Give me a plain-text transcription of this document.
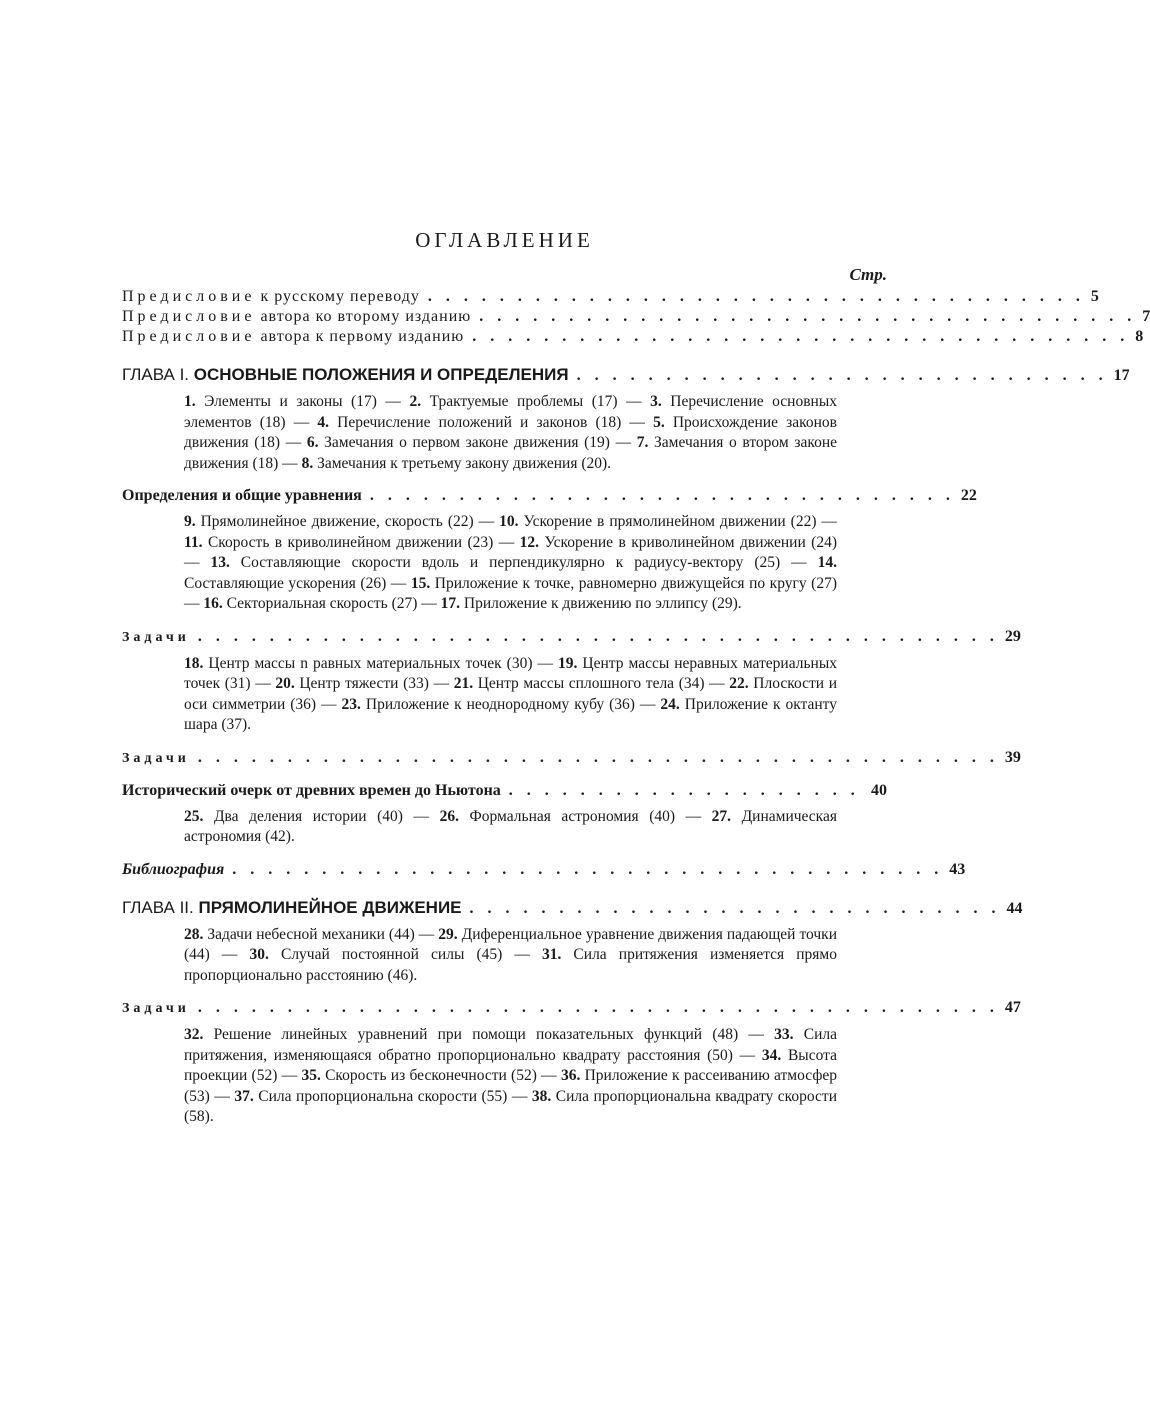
ОГЛАВЛЕНИЕ
Стр.
Предисловие к русскому переводу . . . . . . . . . . . . . . . . . . . . . . . . . . . . . . . . . . . . . 5
Предисловие автора ко второму изданию . . . . . . . . . . . . . . . . . . . . . . . . . . . . . . . . . . . . . 7
Предисловие автора к первому изданию . . . . . . . . . . . . . . . . . . . . . . . . . . . . . . . . . . . . . 8
ГЛАВА I. ОСНОВНЫЕ ПОЛОЖЕНИЯ И ОПРЕДЕЛЕНИЯ . . . . . . . . . . . . . . . . . . . . . . . . . . . . . . 17
1. Элементы и законы (17) — 2. Трактуемые проблемы (17) — 3. Перечисление основных элементов (18) — 4. Перечисление положений и законов (18) — 5. Происхождение законов движения (18) — 6. Замечания о первом законе движения (19) — 7. Замечания о втором законе движения (18) — 8. Замечания к третьему закону движения (20).
Определения и общие уравнения . . . . . . . . . . . . . . . . . . . . . . . . . . . . . . . . . 22
9. Прямолинейное движение, скорость (22) — 10. Ускорение в прямолинейном движении (22) — 11. Скорость в криволинейном движении (23) — 12. Ускорение в криволинейном движении (24) — 13. Составляющие скорости вдоль и перпендикулярно к радиусу-вектору (25) — 14. Составляющие ускорения (26) — 15. Приложение к точке, равномерно движущейся по кругу (27) — 16. Секториальная скорость (27) — 17. Приложение к движению по эллипсу (29).
Задачи . . . . . . . . . . . . . . . . . . . . . . . . . . . . . . . . . . . . . . . . . . . . . 29
18. Центр массы n равных материальных точек (30) — 19. Центр массы неравных материальных точек (31) — 20. Центр тяжести (33) — 21. Центр массы сплошного тела (34) — 22. Плоскости и оси симметрии (36) — 23. Приложение к неоднородному кубу (36) — 24. Приложение к октанту шара (37).
Задачи . . . . . . . . . . . . . . . . . . . . . . . . . . . . . . . . . . . . . . . . . . . . . 39
Исторический очерк от древних времен до Ньютона . . . . . . . . . . . . . . . . . . . . 40
25. Два деления истории (40) — 26. Формальная астрономия (40) — 27. Динамическая астрономия (42).
Библиография . . . . . . . . . . . . . . . . . . . . . . . . . . . . . . . . . . . . . . . . 43
ГЛАВА II. ПРЯМОЛИНЕЙНОЕ ДВИЖЕНИЕ . . . . . . . . . . . . . . . . . . . . . . . . . . . . . . 44
28. Задачи небесной механики (44) — 29. Диференциальное уравнение движения падающей точки (44) — 30. Случай постоянной силы (45) — 31. Сила притяжения изменяется прямо пропорционально расстоянию (46).
Задачи . . . . . . . . . . . . . . . . . . . . . . . . . . . . . . . . . . . . . . . . . . . . . 47
32. Решение линейных уравнений при помощи показательных функций (48) — 33. Сила притяжения, изменяющаяся обратно пропорционально квадрату расстояния (50) — 34. Высота проекции (52) — 35. Скорость из бесконечности (52) — 36. Приложение к рассеиванию атмосфер (53) — 37. Сила пропорциональна скорости (55) — 38. Сила пропорциональна квадрату скорости (58).
